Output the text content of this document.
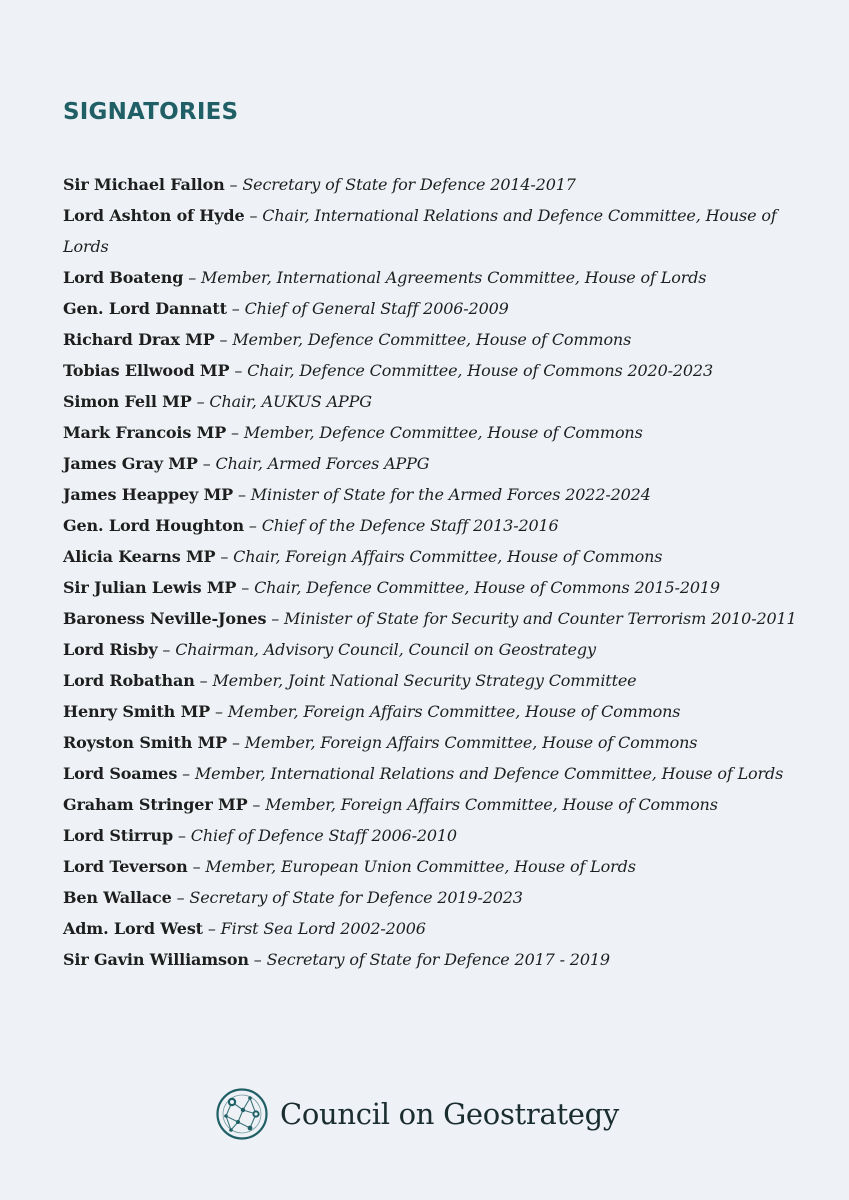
SIGNATORIES
Sir Michael Fallon – Secretary of State for Defence 2014-2017
Lord Ashton of Hyde – Chair, International Relations and Defence Committee, House of Lords
Lord Boateng – Member, International Agreements Committee, House of Lords
Gen. Lord Dannatt – Chief of General Staff 2006-2009
Richard Drax MP – Member, Defence Committee, House of Commons
Tobias Ellwood MP – Chair, Defence Committee, House of Commons 2020-2023
Simon Fell MP – Chair, AUKUS APPG
Mark Francois MP – Member, Defence Committee, House of Commons
James Gray MP – Chair, Armed Forces APPG
James Heappey MP – Minister of State for the Armed Forces 2022-2024
Gen. Lord Houghton – Chief of the Defence Staff 2013-2016
Alicia Kearns MP – Chair, Foreign Affairs Committee, House of Commons
Sir Julian Lewis MP – Chair, Defence Committee, House of Commons 2015-2019
Baroness Neville-Jones – Minister of State for Security and Counter Terrorism 2010-2011
Lord Risby – Chairman, Advisory Council, Council on Geostrategy
Lord Robathan – Member, Joint National Security Strategy Committee
Henry Smith MP – Member, Foreign Affairs Committee, House of Commons
Royston Smith MP – Member, Foreign Affairs Committee, House of Commons
Lord Soames – Member, International Relations and Defence Committee, House of Lords
Graham Stringer MP – Member, Foreign Affairs Committee, House of Commons
Lord Stirrup – Chief of Defence Staff 2006-2010
Lord Teverson – Member, European Union Committee, House of Lords
Ben Wallace – Secretary of State for Defence 2019-2023
Adm. Lord West – First Sea Lord 2002-2006
Sir Gavin Williamson – Secretary of State for Defence 2017 - 2019
Council on Geostrategy
